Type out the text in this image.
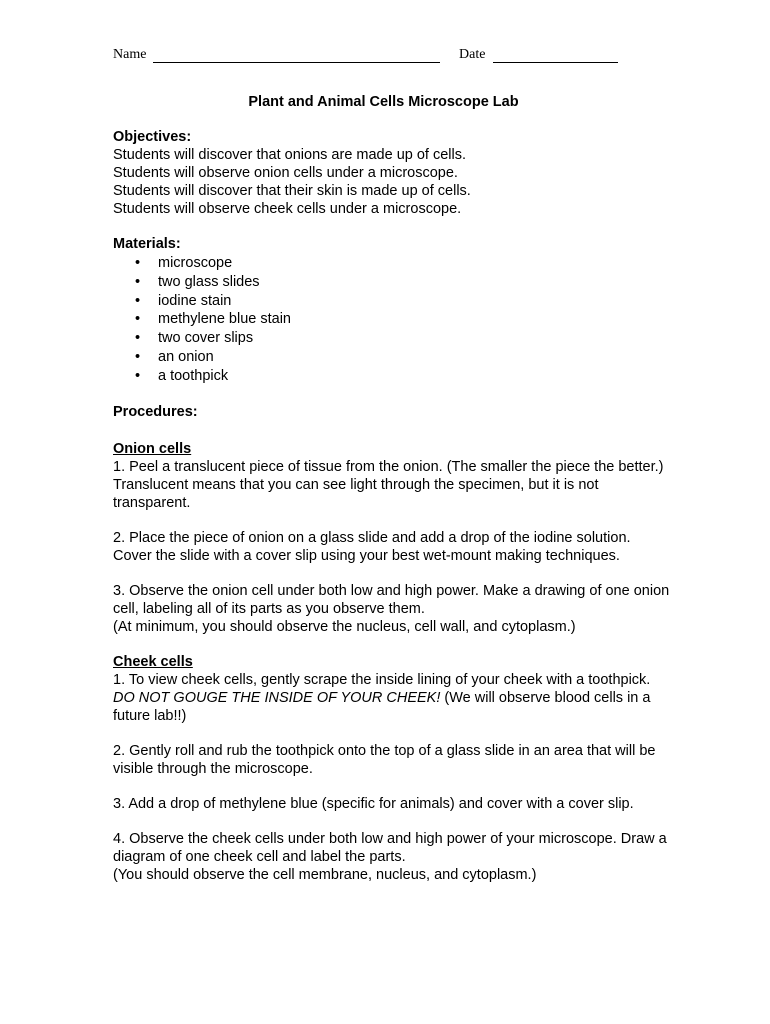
Name	Date
Plant and Animal Cells Microscope Lab
Objectives:
Students will discover that onions are made up of cells.
Students will observe onion cells under a microscope.
Students will discover that their skin is made up of cells.
Students will observe cheek cells under a microscope.
Materials:
• microscope
• two glass slides
• iodine stain
• methylene blue stain
• two cover slips
• an onion
• a toothpick
Procedures:
Onion cells
1. Peel a translucent piece of tissue from the onion. (The smaller the piece the better.) Translucent means that you can see light through the specimen, but it is not transparent.
2. Place the piece of onion on a glass slide and add a drop of the iodine solution. Cover the slide with a cover slip using your best wet-mount making techniques.
3. Observe the onion cell under both low and high power. Make a drawing of one onion cell, labeling all of its parts as you observe them.
(At minimum, you should observe the nucleus, cell wall, and cytoplasm.)
Cheek cells
1. To view cheek cells, gently scrape the inside lining of your cheek with a toothpick. DO NOT GOUGE THE INSIDE OF YOUR CHEEK! (We will observe blood cells in a future lab!!)
2. Gently roll and rub the toothpick onto the top of a glass slide in an area that will be visible through the microscope.
3. Add a drop of methylene blue (specific for animals) and cover with a cover slip.
4. Observe the cheek cells under both low and high power of your microscope. Draw a diagram of one cheek cell and label the parts.
(You should observe the cell membrane, nucleus, and cytoplasm.)
